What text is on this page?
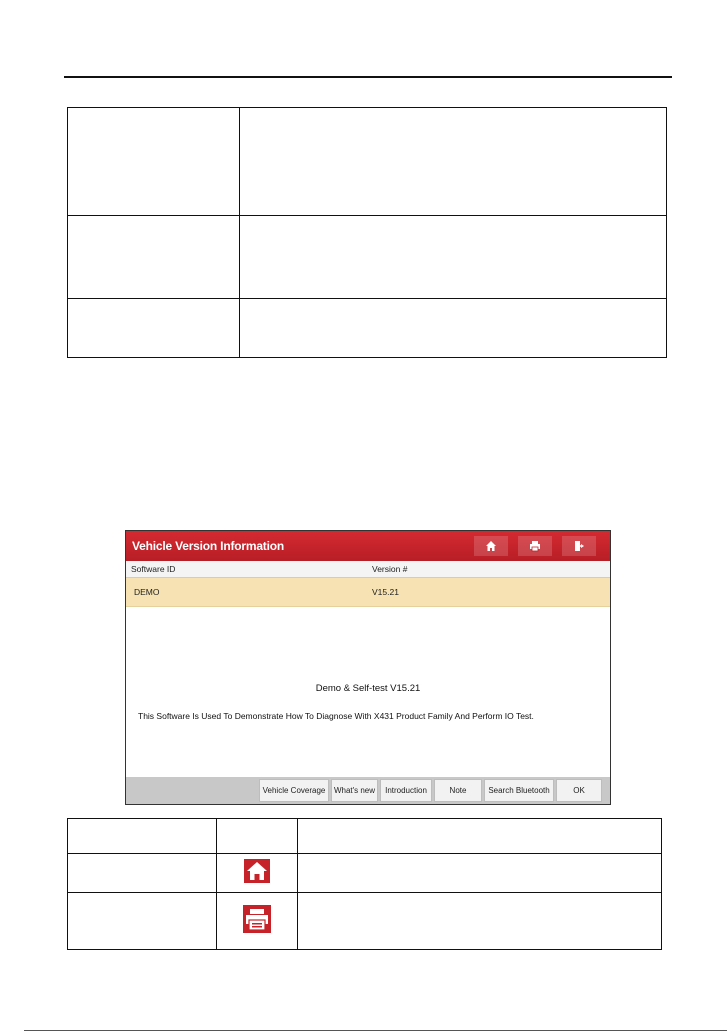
Vehicle Version Information
Software ID	Version #
DEMO	V15.21
Demo & Self-test V15.21
This Software Is Used To Demonstrate How To Diagnose With X431 Product Family And Perform IO Test.
Vehicle Coverage	What's new	Introduction	Note	Search Bluetooth	OK
